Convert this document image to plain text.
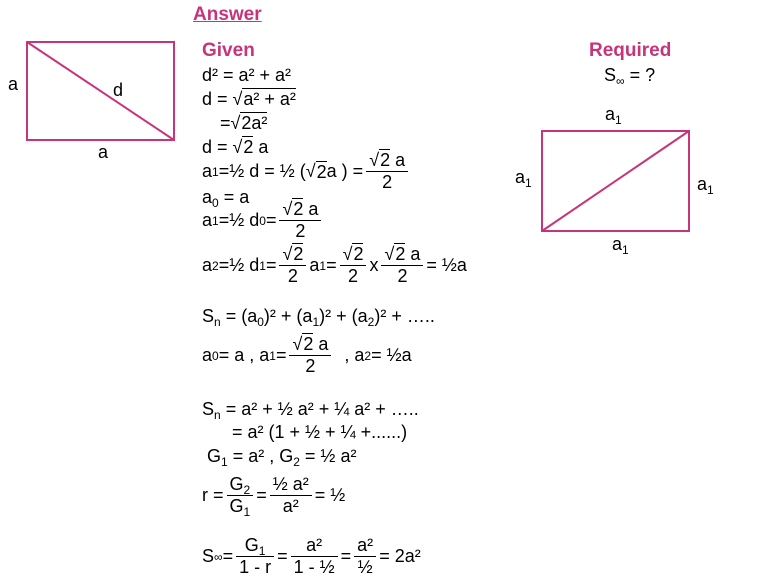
Answer
Given	Required
$S_\infty$ = ?
a	d
a
$a_1$
$a_1$	$a_1$
$a_1$
d² = a² + a²
d = √a² + a²
=√2a²
d = √2 a
a 1 =½ d = ½ (√ 2 a ) = $\frac{√2 a}{2}$
$a_0 = a$
a 1 =½ d $0 = \frac{√2 a}{2}$
a 2 =½ d $1 = \frac{√2}{2}$ a $1 = \frac{√2}{2}$ x $\frac{√2 a}{2}$ = ½a
$S_n = (a_0)^2 + (a_1)^2 + (a_2)^2$ + …..
a 0 = a , a $1 = \frac{√2 a}{2}$ , a 2 = ½a
$S_n = a^2$ + ½ a² + ¼ a² + …..
= a² (1 + ½ + ¼ +......)
$G_1 = a^2$ , $G_2$ = ½ a²
$r = \frac{G_2}{G_1} = \frac{\text{½ a²}}{\text{a²}}$ = ½
S ∞ = $\frac{G_1}{1 - r} = \frac{\text{a²}}{\text{1 - ½}} = \frac{\text{a²}}{\text{½}} = 2a^2$
